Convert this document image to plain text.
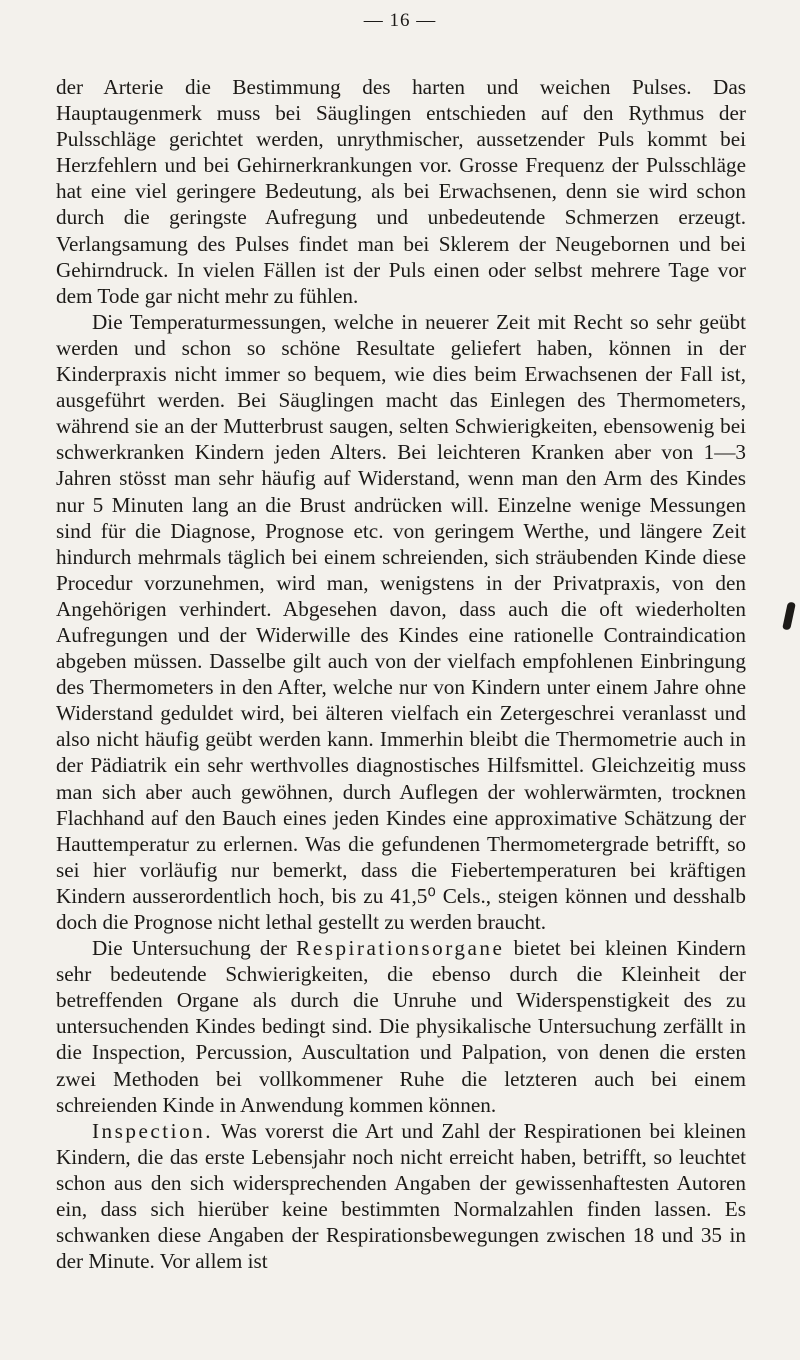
— 16 —

der Arterie die Bestimmung des harten und weichen Pulses. Das Hauptaugenmerk muss bei Säuglingen entschieden auf den Rythmus der Pulsschläge gerichtet werden, unrythmischer, aussetzender Puls kommt bei Herzfehlern und bei Gehirnerkrankungen vor. Grosse Frequenz der Pulsschläge hat eine viel geringere Bedeutung, als bei Erwachsenen, denn sie wird schon durch die geringste Aufregung und unbedeutende Schmerzen erzeugt. Verlangsamung des Pulses findet man bei Sklerem der Neugebornen und bei Gehirndruck. In vielen Fällen ist der Puls einen oder selbst mehrere Tage vor dem Tode gar nicht mehr zu fühlen.

Die Temperaturmessungen, welche in neuerer Zeit mit Recht so sehr geübt werden und schon so schöne Resultate geliefert haben, können in der Kinderpraxis nicht immer so bequem, wie dies beim Erwachsenen der Fall ist, ausgeführt werden. Bei Säuglingen macht das Einlegen des Thermometers, während sie an der Mutterbrust saugen, selten Schwierigkeiten, ebensowenig bei schwerkranken Kindern jeden Alters. Bei leichteren Kranken aber von 1—3 Jahren stösst man sehr häufig auf Widerstand, wenn man den Arm des Kindes nur 5 Minuten lang an die Brust andrücken will. Einzelne wenige Messungen sind für die Diagnose, Prognose etc. von geringem Werthe, und längere Zeit hindurch mehrmals täglich bei einem schreienden, sich sträubenden Kinde diese Procedur vorzunehmen, wird man, wenigstens in der Privatpraxis, von den Angehörigen verhindert. Abgesehen davon, dass auch die oft wiederholten Aufregungen und der Widerwille des Kindes eine rationelle Contraindication abgeben müssen. Dasselbe gilt auch von der vielfach empfohlenen Einbringung des Thermometers in den After, welche nur von Kindern unter einem Jahre ohne Widerstand geduldet wird, bei älteren vielfach ein Zetergeschrei veranlasst und also nicht häufig geübt werden kann. Immerhin bleibt die Thermometrie auch in der Pädiatrik ein sehr werthvolles diagnostisches Hilfsmittel. Gleichzeitig muss man sich aber auch gewöhnen, durch Auflegen der wohlerwärmten, trocknen Flachhand auf den Bauch eines jeden Kindes eine approximative Schätzung der Hauttemperatur zu erlernen. Was die gefundenen Thermometergrade betrifft, so sei hier vorläufig nur bemerkt, dass die Fiebertemperaturen bei kräftigen Kindern ausserordentlich hoch, bis zu 41,5⁰ Cels., steigen können und desshalb doch die Prognose nicht lethal gestellt zu werden braucht.

Die Untersuchung der Respirationsorgane bietet bei kleinen Kindern sehr bedeutende Schwierigkeiten, die ebenso durch die Kleinheit der betreffenden Organe als durch die Unruhe und Widerspenstigkeit des zu untersuchenden Kindes bedingt sind. Die physikalische Untersuchung zerfällt in die Inspection, Percussion, Auscultation und Palpation, von denen die ersten zwei Methoden bei vollkommener Ruhe die letzteren auch bei einem schreienden Kinde in Anwendung kommen können.

Inspection. Was vorerst die Art und Zahl der Respirationen bei kleinen Kindern, die das erste Lebensjahr noch nicht erreicht haben, betrifft, so leuchtet schon aus den sich widersprechenden Angaben der gewissenhaftesten Autoren ein, dass sich hierüber keine bestimmten Normalzahlen finden lassen. Es schwanken diese Angaben der Respirationsbewegungen zwischen 18 und 35 in der Minute. Vor allem ist
